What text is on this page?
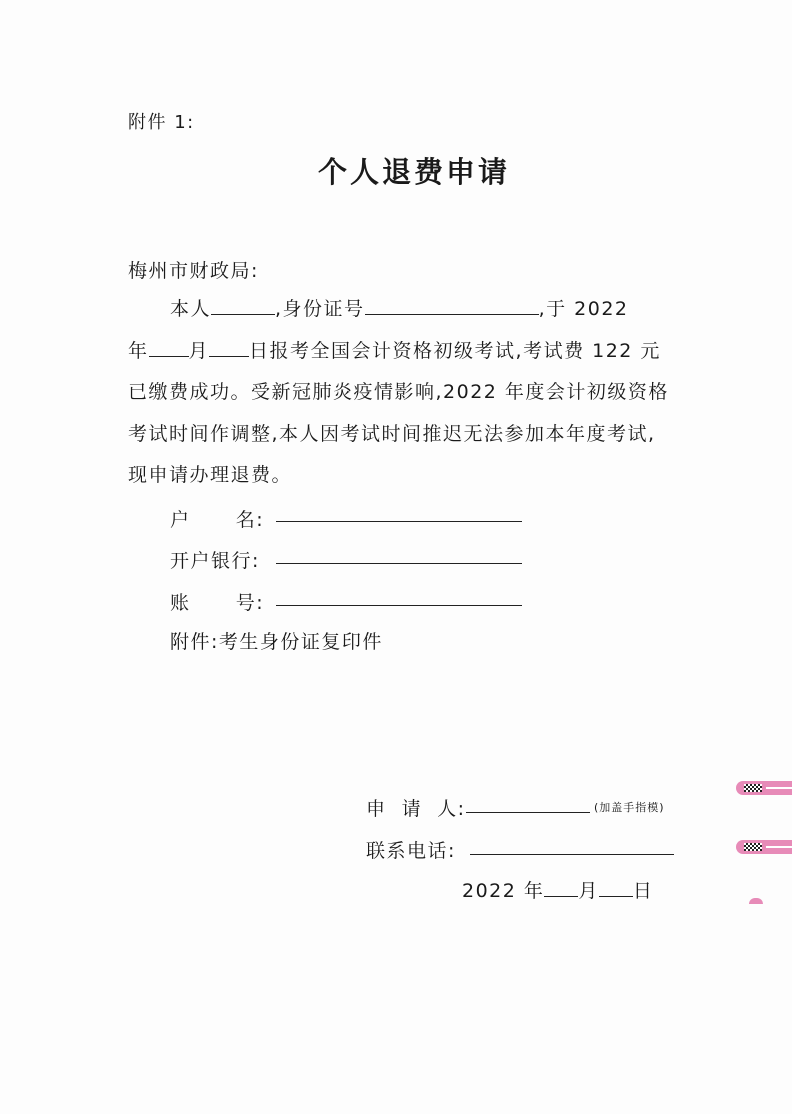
附件 1:
个人退费申请
梅州市财政局:
本人	,身份证号	,于 2022
年 月 日报考全国会计资格初级考试,考试费 122 元
已缴费成功。受新冠肺炎疫情影响,2022 年度会计初级资格
考试时间作调整,本人因考试时间推迟无法参加本年度考试,
现申请办理退费。
户      名:
开户银行:
账      号:
附件:考生身份证复印件
申  请  人:	(加盖手指模)
联系电话:
2022 年 月 日
